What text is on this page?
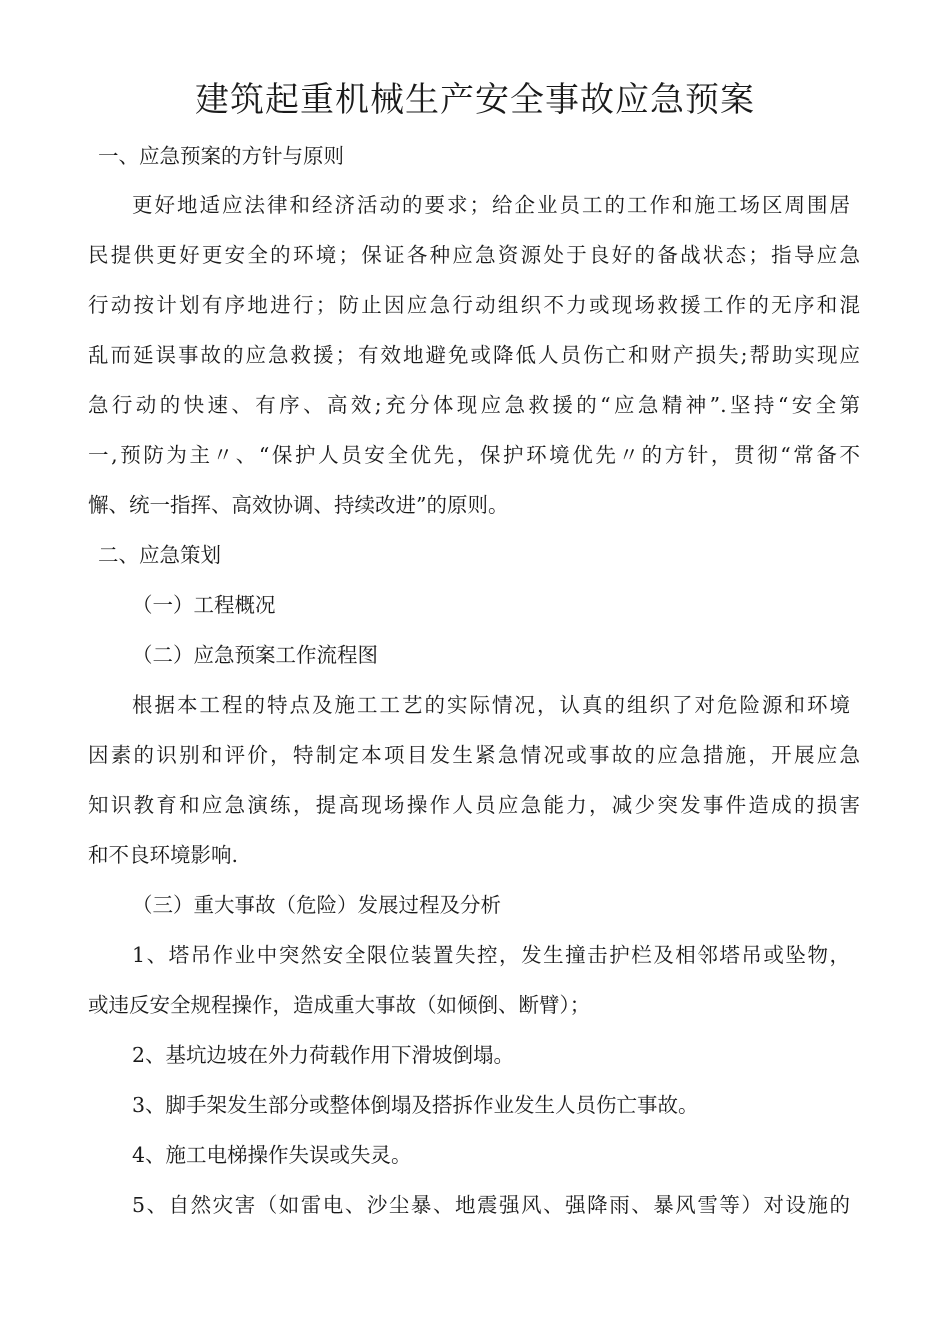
建筑起重机械生产安全事故应急预案
一、应急预案的方针与原则
更好地适应法律和经济活动的要求；给企业员工的工作和施工场区周围居
民提供更好更安全的环境；保证各种应急资源处于良好的备战状态；指导应急
行动按计划有序地进行；防止因应急行动组织不力或现场救援工作的无序和混
乱而延误事故的应急救援；有效地避免或降低人员伤亡和财产损失;帮助实现应
急行动的快速、有序、高效;充分体现应急救援的“应急精神”.坚持“安全第
一,预防为主〃、“保护人员安全优先，保护环境优先〃的方针，贯彻“常备不
懈、统一指挥、高效协调、持续改进”的原则。
二、应急策划
（一）工程概况
（二）应急预案工作流程图
根据本工程的特点及施工工艺的实际情况，认真的组织了对危险源和环境
因素的识别和评价，特制定本项目发生紧急情况或事故的应急措施，开展应急
知识教育和应急演练，提高现场操作人员应急能力，减少突发事件造成的损害
和不良环境影响.
（三）重大事故（危险）发展过程及分析
1、塔吊作业中突然安全限位装置失控，发生撞击护栏及相邻塔吊或坠物，
或违反安全规程操作，造成重大事故（如倾倒、断臂）；
2、基坑边坡在外力荷载作用下滑坡倒塌。
3、脚手架发生部分或整体倒塌及搭拆作业发生人员伤亡事故。
4、施工电梯操作失误或失灵。
5、自然灾害（如雷电、沙尘暴、地震强风、强降雨、暴风雪等）对设施的
